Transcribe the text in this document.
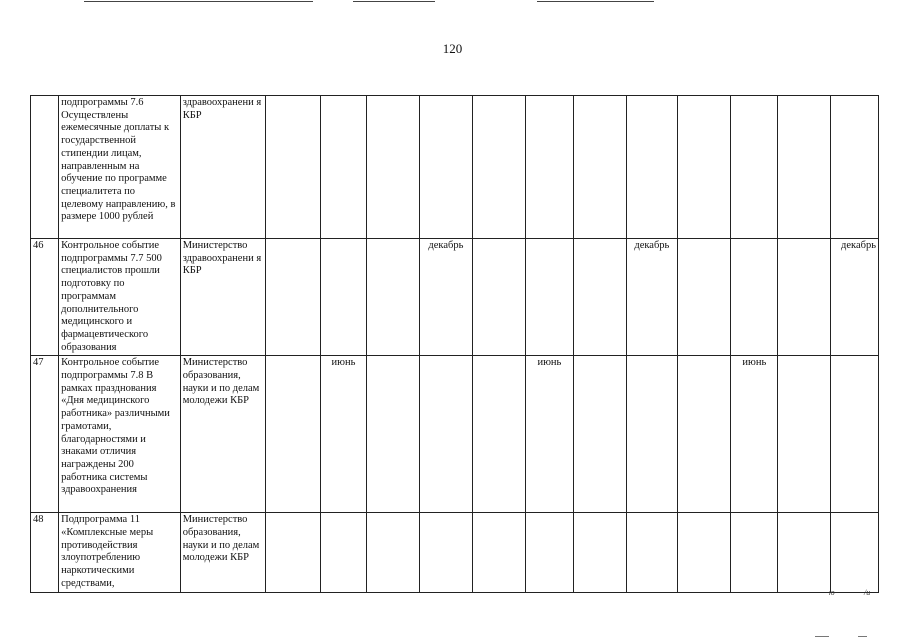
120
	подпрограммы 7.6 Осуществлены ежемесячные доплаты к государственной стипендии лицам, направленным на обучение по программе специалитета по целевому направлению, в размере 1000 рублей	здравоохранени я КБР												
46	Контрольное событие подпрограммы 7.7 500 специалистов прошли подготовку по программам дополнительного медицинского и фармацевтического образования	Министерство здравоохранени я КБР				декабрь				декабрь				декабрь
47	Контрольное событие подпрограммы 7.8 В рамках празднования «Дня медицинского работника» различными грамотами, благодарностями и знаками отличия награждены 200 работника системы здравоохранения	Министерство образования, науки и по делам молодежи КБР		июнь				июнь				июнь		
48	Подпрограмма 11 «Комплексные меры противодействия злоупотреблению наркотическими средствами,	Министерство образования, науки и по делам молодежи КБР												
ю	/и
